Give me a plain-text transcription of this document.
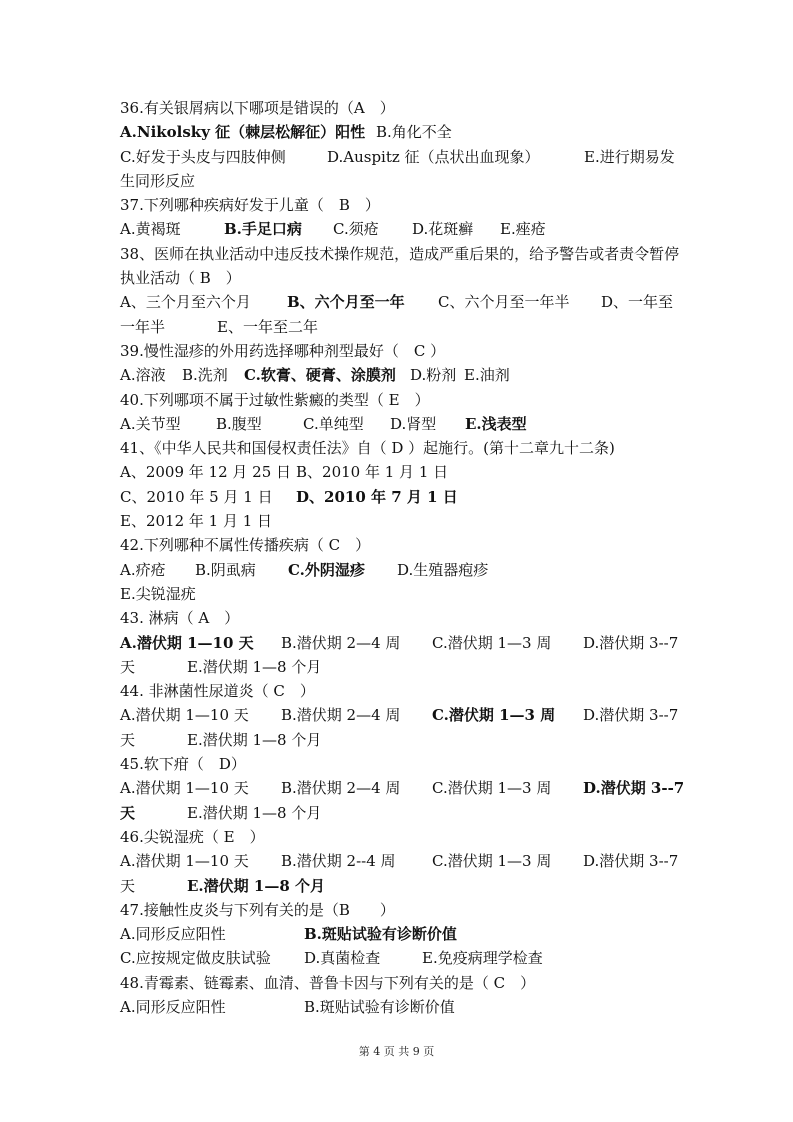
36.有关银屑病以下哪项是错误的（A　）
A.Nikolsky 征（棘层松解征）阳性 B.角化不全
C.好发于头皮与四肢伸侧	D.Auspitz 征（点状出血现象）	E.进行期易发
生同形反应
37.下列哪种疾病好发于儿童（　B　）
A.黄褐斑	B.手足口病 C.须疮 D.花斑癣 E.痤疮
38、医师在执业活动中违反技术操作规范，造成严重后果的，给予警告或者责令暂停
执业活动（ B　）
A、三个月至六个月 B、六个月至一年 C、六个月至一年半 D、一年至
一年半	E、一年至二年
39.慢性湿疹的外用药选择哪种剂型最好（　C ）
A.溶液 B.洗剂 C.软膏、硬膏、涂膜剂 D.粉剂 E.油剂
40.下列哪项不属于过敏性紫癜的类型（ E　）
A.关节型 B.腹型	C.单纯型 D.肾型 E.浅表型
41、《中华人民共和国侵权责任法》自（ D ）起施行。(第十二章九十二条)
A、2009 年 12 月 25 日 B、2010 年 1 月 1 日
C、2010 年 5 月 1 日 D、2010 年 7 月 1 日
E、2012 年 1 月 1 日
42.下列哪种不属性传播疾病（ C　）
A.疥疮 B.阴虱病 C.外阴湿疹 D.生殖器疱疹
E.尖锐湿疣
43. 淋病（ A　）
A.潜伏期 1—10 天 B.潜伏期 2—4 周 C.潜伏期 1—3 周 D.潜伏期 3--7
天	E.潜伏期 1—8 个月
44. 非淋菌性尿道炎（ C　）
A.潜伏期 1—10 天 B.潜伏期 2—4 周 C.潜伏期 1—3 周 D.潜伏期 3--7
天	E.潜伏期 1—8 个月
45.软下疳（　D）
A.潜伏期 1—10 天 B.潜伏期 2—4 周 C.潜伏期 1—3 周 D.潜伏期 3--7
天	E.潜伏期 1—8 个月
46.尖锐湿疣（ E　）
A.潜伏期 1—10 天 B.潜伏期 2--4 周 C.潜伏期 1—3 周 D.潜伏期 3--7
天	E.潜伏期 1—8 个月
47.接触性皮炎与下列有关的是（B　　）
A.同形反应阳性	B.斑贴试验有诊断价值
C.应按规定做皮肤试验 D.真菌检查	E.免疫病理学检查
48.青霉素、链霉素、血清、普鲁卡因与下列有关的是（ C　）
A.同形反应阳性	B.斑贴试验有诊断价值
第 4 页 共 9 页
